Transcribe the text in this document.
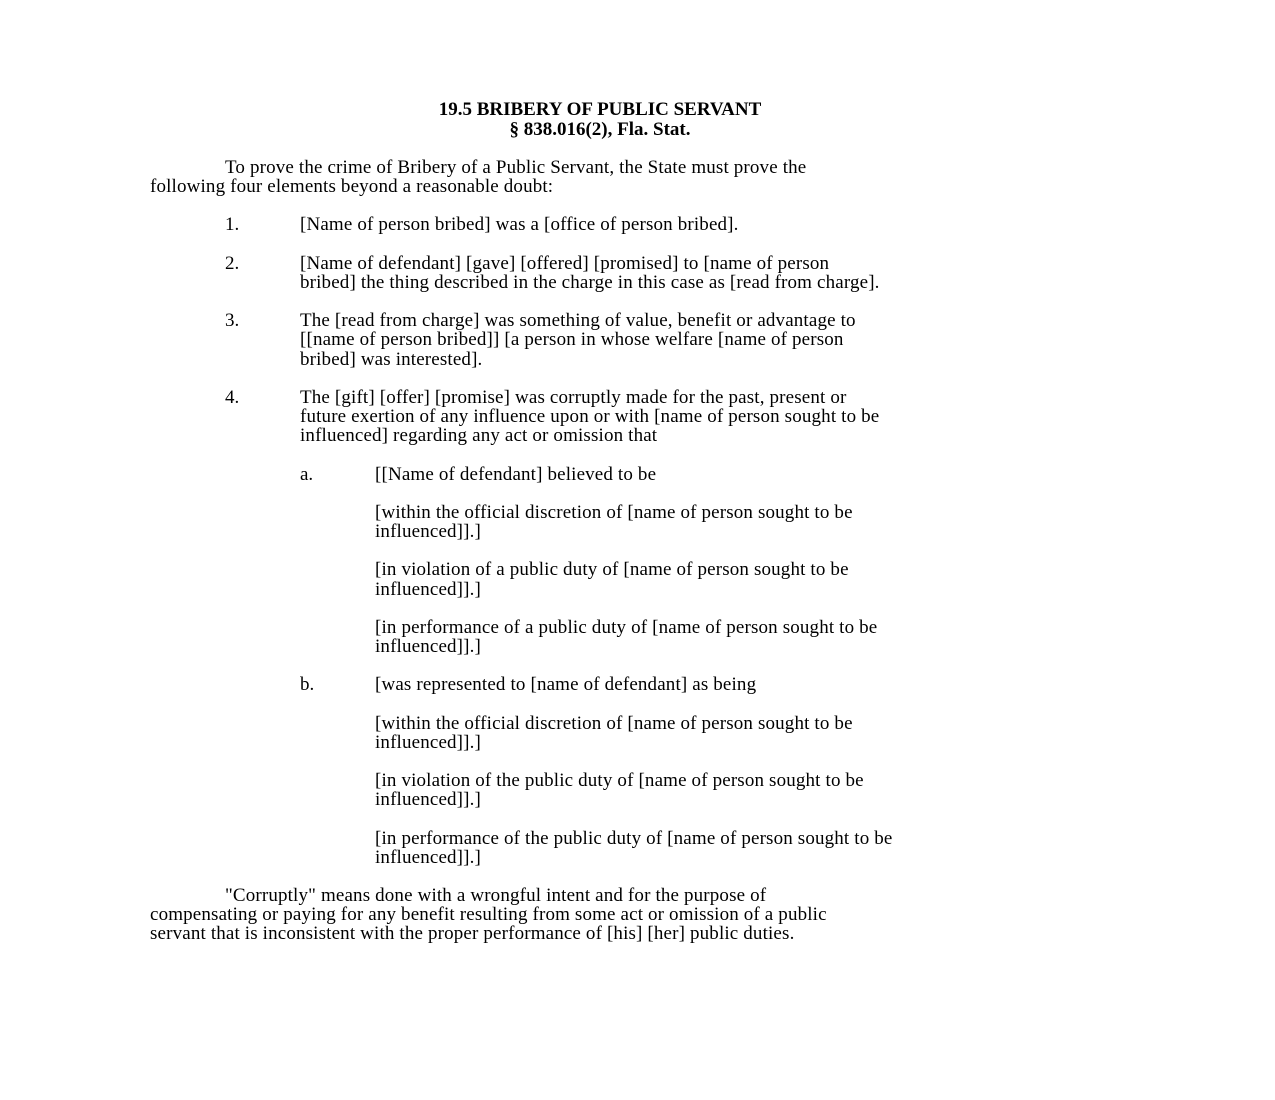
19.5 BRIBERY OF PUBLIC SERVANT
§ 838.016(2), Fla. Stat.
To prove the crime of Bribery of a Public Servant, the State must prove the
following four elements beyond a reasonable doubt:
1.	[Name of person bribed] was a [office of person bribed].
2.	[Name of defendant] [gave] [offered] [promised] to [name of person
bribed] the thing described in the charge in this case as [read from charge].
3.	The [read from charge] was something of value, benefit or advantage to
[[name of person bribed]] [a person in whose welfare [name of person
bribed] was interested].
4.	The [gift] [offer] [promise] was corruptly made for the past, present or
future exertion of any influence upon or with [name of person sought to be
influenced] regarding any act or omission that
a.	[[Name of defendant] believed to be
[within the official discretion of [name of person sought to be
influenced]].]
[in violation of a public duty of [name of person sought to be
influenced]].]
[in performance of a public duty of [name of person sought to be
influenced]].]
b.	[was represented to [name of defendant] as being
[within the official discretion of [name of person sought to be
influenced]].]
[in violation of the public duty of [name of person sought to be
influenced]].]
[in performance of the public duty of [name of person sought to be
influenced]].]
"Corruptly" means done with a wrongful intent and for the purpose of
compensating or paying for any benefit resulting from some act or omission of a public
servant that is inconsistent with the proper performance of [his] [her] public duties.
